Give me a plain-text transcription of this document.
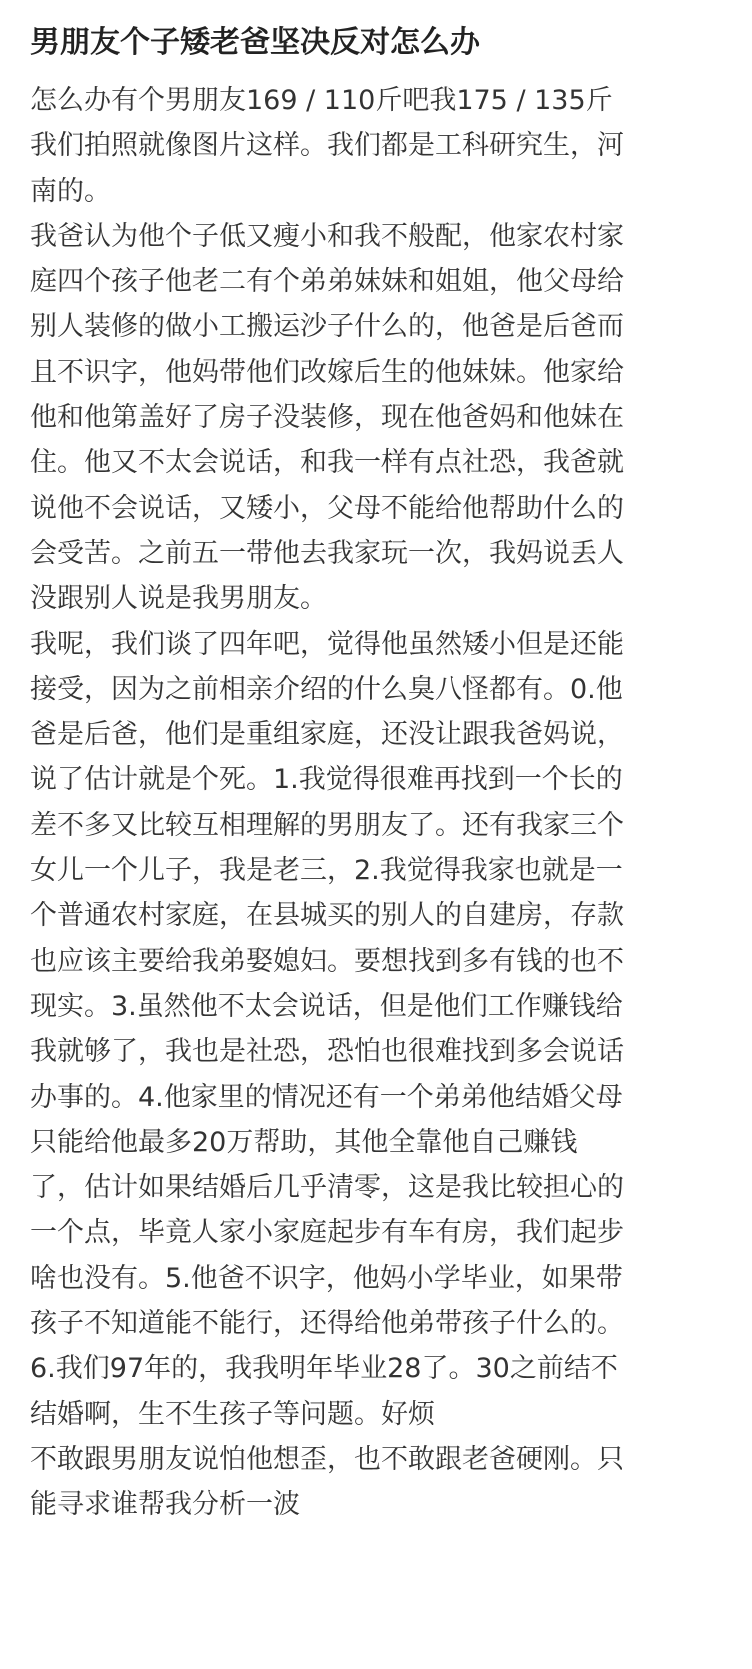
男朋友个子矮老爸坚决反对怎么办
怎么办有个男朋友169 / 110斤吧我175 / 135斤
我们拍照就像图片这样。我们都是工科研究生，河
南的。
我爸认为他个子低又瘦小和我不般配，他家农村家
庭四个孩子他老二有个弟弟妹妹和姐姐，他父母给
别人装修的做小工搬运沙子什么的，他爸是后爸而
且不识字，他妈带他们改嫁后生的他妹妹。他家给
他和他第盖好了房子没装修，现在他爸妈和他妹在
住。他又不太会说话，和我一样有点社恐，我爸就
说他不会说话，又矮小，父母不能给他帮助什么的
会受苦。之前五一带他去我家玩一次，我妈说丢人
没跟别人说是我男朋友。
我呢，我们谈了四年吧，觉得他虽然矮小但是还能
接受，因为之前相亲介绍的什么臭八怪都有。0.他
爸是后爸，他们是重组家庭，还没让跟我爸妈说，
说了估计就是个死。1.我觉得很难再找到一个长的
差不多又比较互相理解的男朋友了。还有我家三个
女儿一个儿子，我是老三，2.我觉得我家也就是一
个普通农村家庭，在县城买的别人的自建房，存款
也应该主要给我弟娶媳妇。要想找到多有钱的也不
现实。3.虽然他不太会说话，但是他们工作赚钱给
我就够了，我也是社恐，恐怕也很难找到多会说话
办事的。4.他家里的情况还有一个弟弟他结婚父母
只能给他最多20万帮助，其他全靠他自己赚钱
了，估计如果结婚后几乎清零，这是我比较担心的
一个点，毕竟人家小家庭起步有车有房，我们起步
啥也没有。5.他爸不识字，他妈小学毕业，如果带
孩子不知道能不能行，还得给他弟带孩子什么的。
6.我们97年的，我我明年毕业28了。30之前结不
结婚啊，生不生孩子等问题。好烦
不敢跟男朋友说怕他想歪，也不敢跟老爸硬刚。只
能寻求谁帮我分析一波
